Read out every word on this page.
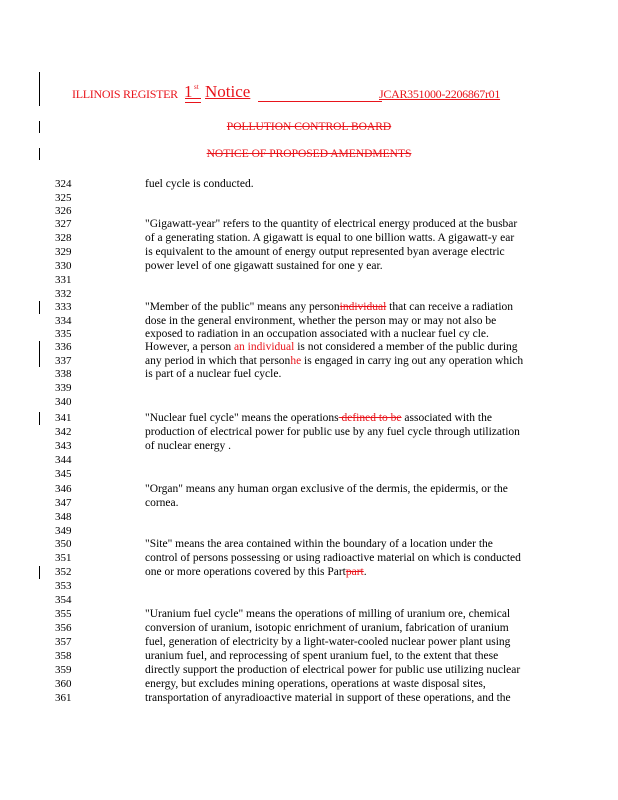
ILLINOIS REGISTER 1 st Notice	JCAR351000-2206867r01
POLLUTION CONTROL BOARD
NOTICE OF PROPOSED AMENDMENTS
324
325
326
327
328
329
330
331
332
333
334
335
336
337
338
339
340
341
342
343
344
345
346
347
348
349
350
351
352
353
354
355
356
357
358
359
360
361
fuel cycle is conducted.
"Gigawatt-year" refers to the quantity of electrical energy produced at the busbar
of a generating station. A gigawatt is equal to one billion watts. A gigawatt-y ear
is equivalent to the amount of energy output represented byan average electric
power level of one gigawatt sustained for one y ear.
"Member of the public" means any personindividual that can receive a radiation
dose in the general environment, whether the person may or may not also be
exposed to radiation in an occupation associated with a nuclear fuel cy cle.
However, a person an individual is not considered a member of the public during
any period in which that personhe is engaged in carry ing out any operation which
is part of a nuclear fuel cycle.
"Nuclear fuel cycle" means the operations defined to be associated with the
production of electrical power for public use by any fuel cycle through utilization
of nuclear energy .
"Organ" means any human organ exclusive of the dermis, the epidermis, or the
cornea.
"Site" means the area contained within the boundary of a location under the
control of persons possessing or using radioactive material on which is conducted
one or more operations covered by this Partpart.
"Uranium fuel cycle" means the operations of milling of uranium ore, chemical
conversion of uranium, isotopic enrichment of uranium, fabrication of uranium
fuel, generation of electricity by a light-water-cooled nuclear power plant using
uranium fuel, and reprocessing of spent uranium fuel, to the extent that these
directly support the production of electrical power for public use utilizing nuclear
energy, but excludes mining operations, operations at waste disposal sites,
transportation of anyradioactive material in support of these operations, and the
